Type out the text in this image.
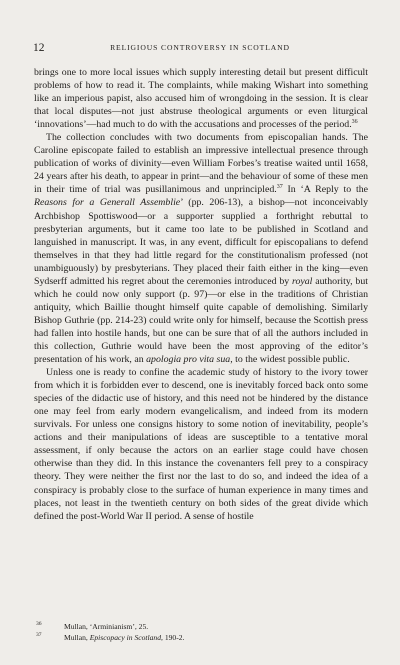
12	RELIGIOUS CONTROVERSY IN SCOTLAND

brings one to more local issues which supply interesting detail but present difficult problems of how to read it. The complaints, while making Wishart into something like an imperious papist, also accused him of wrongdoing in the session. It is clear that local disputes—not just abstruse theological arguments or even liturgical ‘innovations’—had much to do with the accusations and processes of the period.$^{36}$

The collection concludes with two documents from episcopalian hands. The Caroline episcopate failed to establish an impressive intellectual presence through publication of works of divinity—even William Forbes’s treatise waited until 1658, 24 years after his death, to appear in print—and the behaviour of some of these men in their time of trial was pusillanimous and unprincipled.$^{37}$ In ‘A Reply to the Reasons for a Generall Assemblie’ (pp. 206-13), a bishop—not inconceivably Archbishop Spottiswood—or a supporter supplied a forthright rebuttal to presbyterian arguments, but it came too late to be published in Scotland and languished in manuscript. It was, in any event, difficult for episcopalians to defend themselves in that they had little regard for the constitutionalism professed (not unambiguously) by presbyterians. They placed their faith either in the king—even Sydserff admitted his regret about the ceremonies introduced by royal authority, but which he could now only support (p. 97)—or else in the traditions of Christian antiquity, which Baillie thought himself quite capable of demolishing. Similarly Bishop Guthrie (pp. 214-23) could write only for himself, because the Scottish press had fallen into hostile hands, but one can be sure that of all the authors included in this collection, Guthrie would have been the most approving of the editor’s presentation of his work, an apologia pro vita sua, to the widest possible public.

Unless one is ready to confine the academic study of history to the ivory tower from which it is forbidden ever to descend, one is inevitably forced back onto some species of the didactic use of history, and this need not be hindered by the distance one may feel from early modern evangelicalism, and indeed from its modern survivals. For unless one consigns history to some notion of inevitability, people’s actions and their manipulations of ideas are susceptible to a tentative moral assessment, if only because the actors on an earlier stage could have chosen otherwise than they did. In this instance the covenanters fell prey to a conspiracy theory. They were neither the first nor the last to do so, and indeed the idea of a conspiracy is probably close to the surface of human experience in many times and places, not least in the twentieth century on both sides of the great divide which defined the post-World War II period. A sense of hostile

36	Mullan, ‘Arminianism’, 25.
37	Mullan, Episcopacy in Scotland, 190-2.
